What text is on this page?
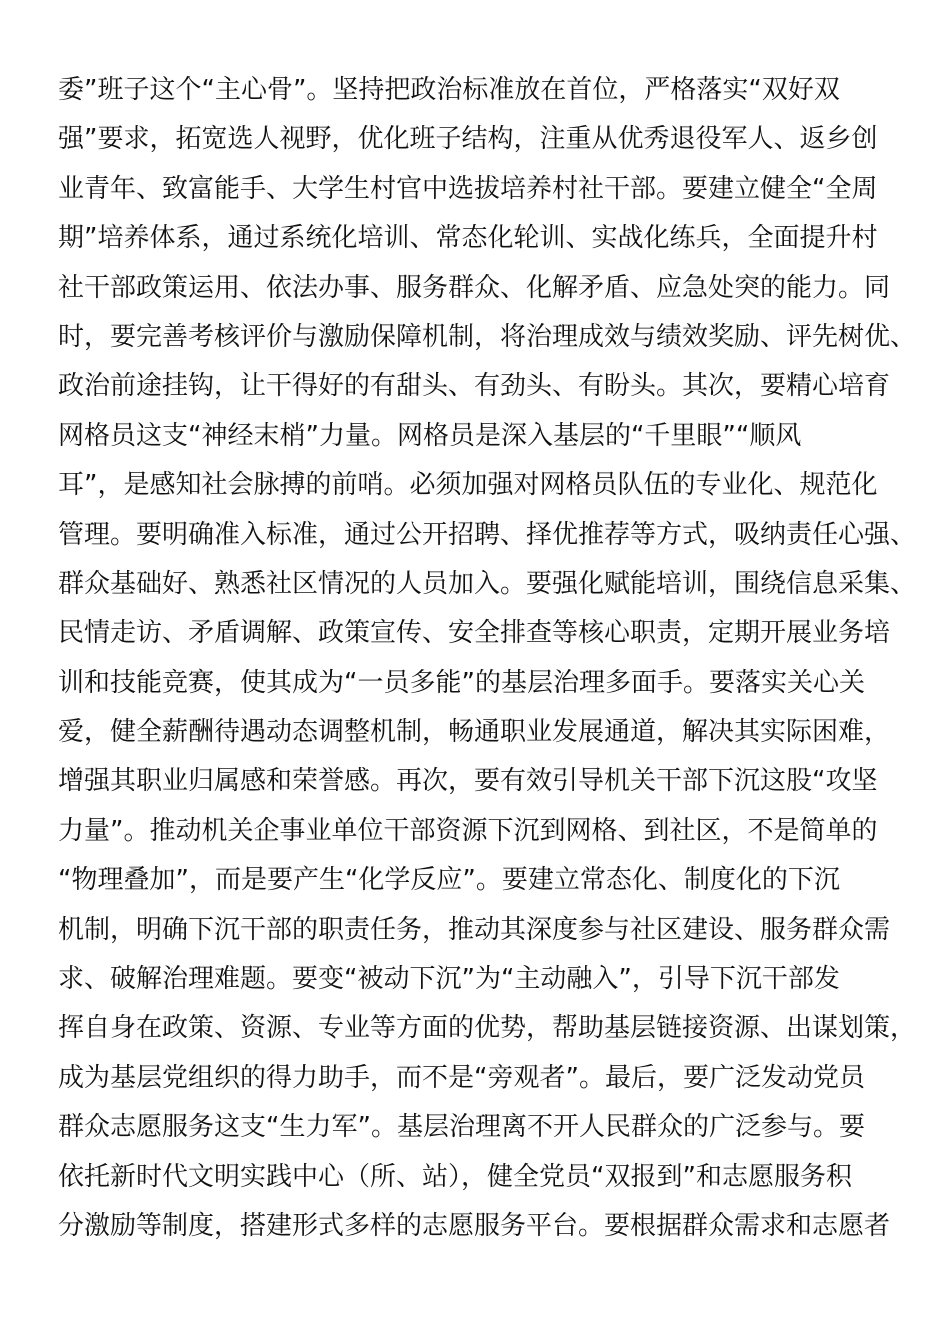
委”班子这个“主心骨”。坚持把政治标准放在首位，严格落实“双好双
强”要求，拓宽选人视野，优化班子结构，注重从优秀退役军人、返乡创
业青年、致富能手、大学生村官中选拔培养村社干部。要建立健全“全周
期”培养体系，通过系统化培训、常态化轮训、实战化练兵，全面提升村
社干部政策运用、依法办事、服务群众、化解矛盾、应急处突的能力。同
时，要完善考核评价与激励保障机制，将治理成效与绩效奖励、评先树优、
政治前途挂钩，让干得好的有甜头、有劲头、有盼头。其次，要精心培育
网格员这支“神经末梢”力量。网格员是深入基层的“千里眼”“顺风
耳”，是感知社会脉搏的前哨。必须加强对网格员队伍的专业化、规范化
管理。要明确准入标准，通过公开招聘、择优推荐等方式，吸纳责任心强、
群众基础好、熟悉社区情况的人员加入。要强化赋能培训，围绕信息采集、
民情走访、矛盾调解、政策宣传、安全排查等核心职责，定期开展业务培
训和技能竞赛，使其成为“一员多能”的基层治理多面手。要落实关心关
爱，健全薪酬待遇动态调整机制，畅通职业发展通道，解决其实际困难，
增强其职业归属感和荣誉感。再次，要有效引导机关干部下沉这股“攻坚
力量”。推动机关企事业单位干部资源下沉到网格、到社区，不是简单的
“物理叠加”，而是要产生“化学反应”。要建立常态化、制度化的下沉
机制，明确下沉干部的职责任务，推动其深度参与社区建设、服务群众需
求、破解治理难题。要变“被动下沉”为“主动融入”，引导下沉干部发
挥自身在政策、资源、专业等方面的优势，帮助基层链接资源、出谋划策，
成为基层党组织的得力助手，而不是“旁观者”。最后，要广泛发动党员
群众志愿服务这支“生力军”。基层治理离不开人民群众的广泛参与。要
依托新时代文明实践中心（所、站），健全党员“双报到”和志愿服务积
分激励等制度，搭建形式多样的志愿服务平台。要根据群众需求和志愿者
